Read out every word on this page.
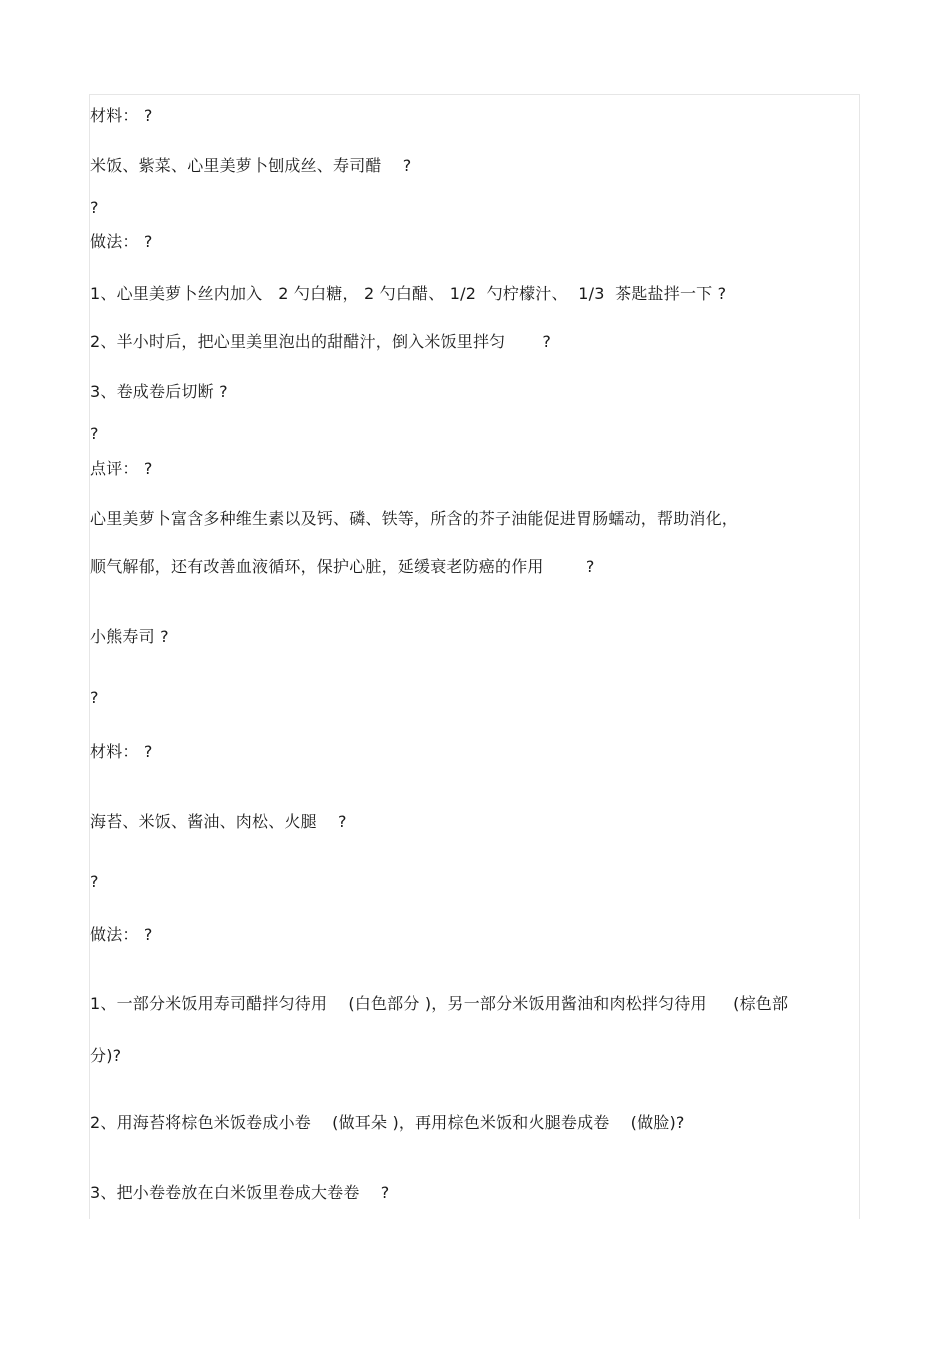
材料： ?
米饭、紫菜、心里美萝卜刨成丝、寿司醋    ?
?
做法： ?
1、心里美萝卜丝内加入   2 勺白糖， 2 勺白醋、 1/2  勺柠檬汁、  1/3  茶匙盐拌一下 ?
2、半小时后，把心里美里泡出的甜醋汁，倒入米饭里拌匀       ?
3、卷成卷后切断 ?
?
点评： ?
心里美萝卜富含多种维生素以及钙、磷、铁等，所含的芥子油能促进胃肠蠕动，帮助消化，
顺气解郁，还有改善血液循环，保护心脏，延缓衰老防癌的作用        ?
小熊寿司 ?
?
材料： ?
海苔、米饭、酱油、肉松、火腿    ?
?
做法： ?
1、一部分米饭用寿司醋拌匀待用    (白色部分 )，另一部分米饭用酱油和肉松拌匀待用     (棕色部
分)?
2、用海苔将棕色米饭卷成小卷    (做耳朵 )，再用棕色米饭和火腿卷成卷    (做脸)?
3、把小卷卷放在白米饭里卷成大卷卷    ?
